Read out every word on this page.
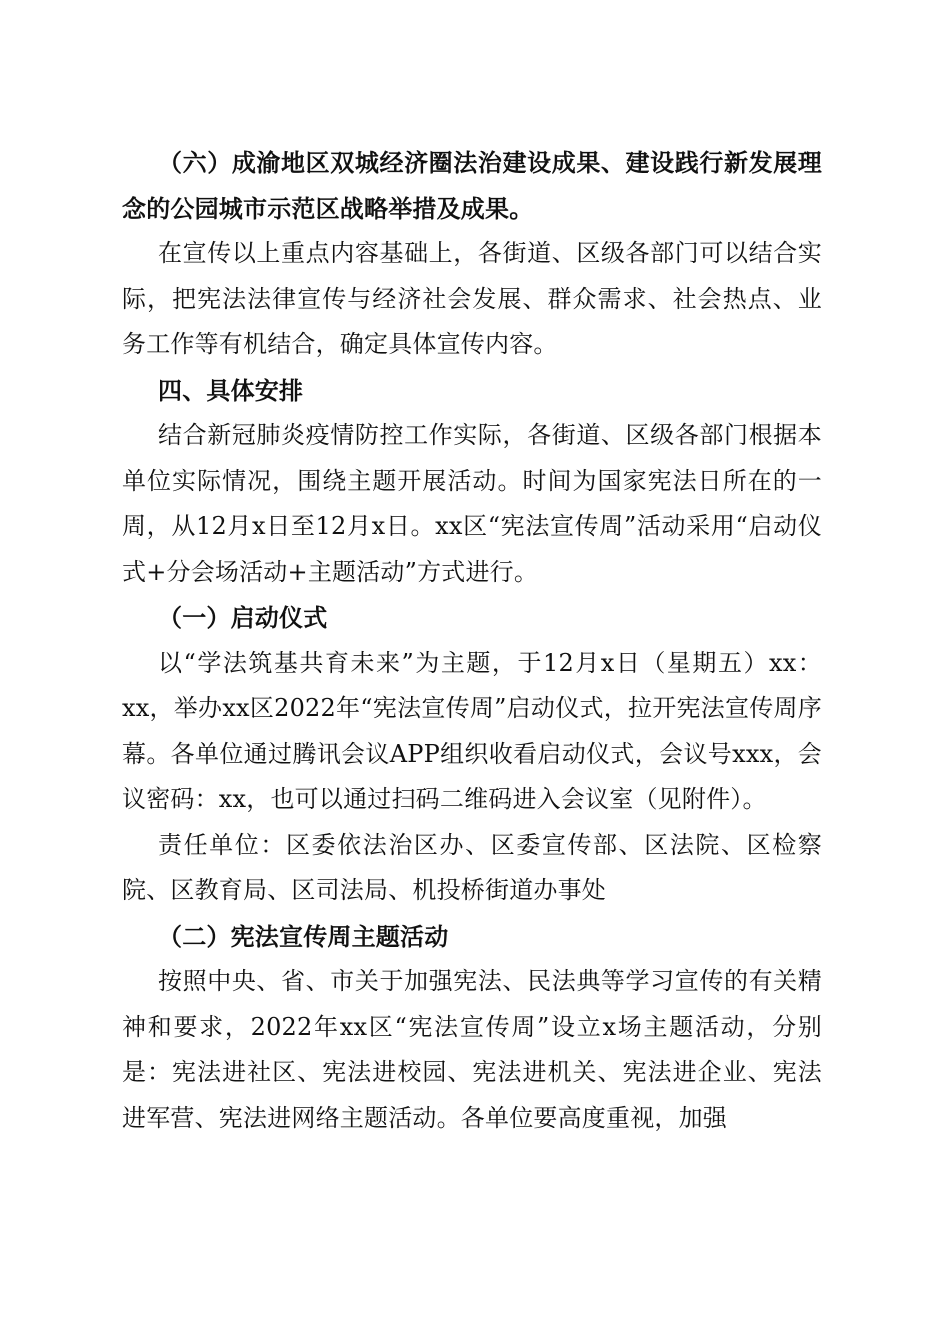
（六）成渝地区双城经济圈法治建设成果、建设践行新发展理念的公园城市示范区战略举措及成果。

在宣传以上重点内容基础上，各街道、区级各部门可以结合实际，把宪法法律宣传与经济社会发展、群众需求、社会热点、业务工作等有机结合，确定具体宣传内容。

四、具体安排

结合新冠肺炎疫情防控工作实际，各街道、区级各部门根据本单位实际情况，围绕主题开展活动。时间为国家宪法日所在的一周，从12月x日至12月x日。xx区“宪法宣传周”活动采用“启动仪式+分会场活动+主题活动”方式进行。

（一）启动仪式

以“学法筑基共育未来”为主题，于12月x日（星期五）xx：xx，举办xx区2022年“宪法宣传周”启动仪式，拉开宪法宣传周序幕。各单位通过腾讯会议APP组织收看启动仪式，会议号xxx，会议密码：xx，也可以通过扫码二维码进入会议室（见附件）。

责任单位：区委依法治区办、区委宣传部、区法院、区检察院、区教育局、区司法局、机投桥街道办事处

（二）宪法宣传周主题活动

按照中央、省、市关于加强宪法、民法典等学习宣传的有关精神和要求，2022年xx区“宪法宣传周”设立x场主题活动，分别是：宪法进社区、宪法进校园、宪法进机关、宪法进企业、宪法进军营、宪法进网络主题活动。各单位要高度重视，加强
